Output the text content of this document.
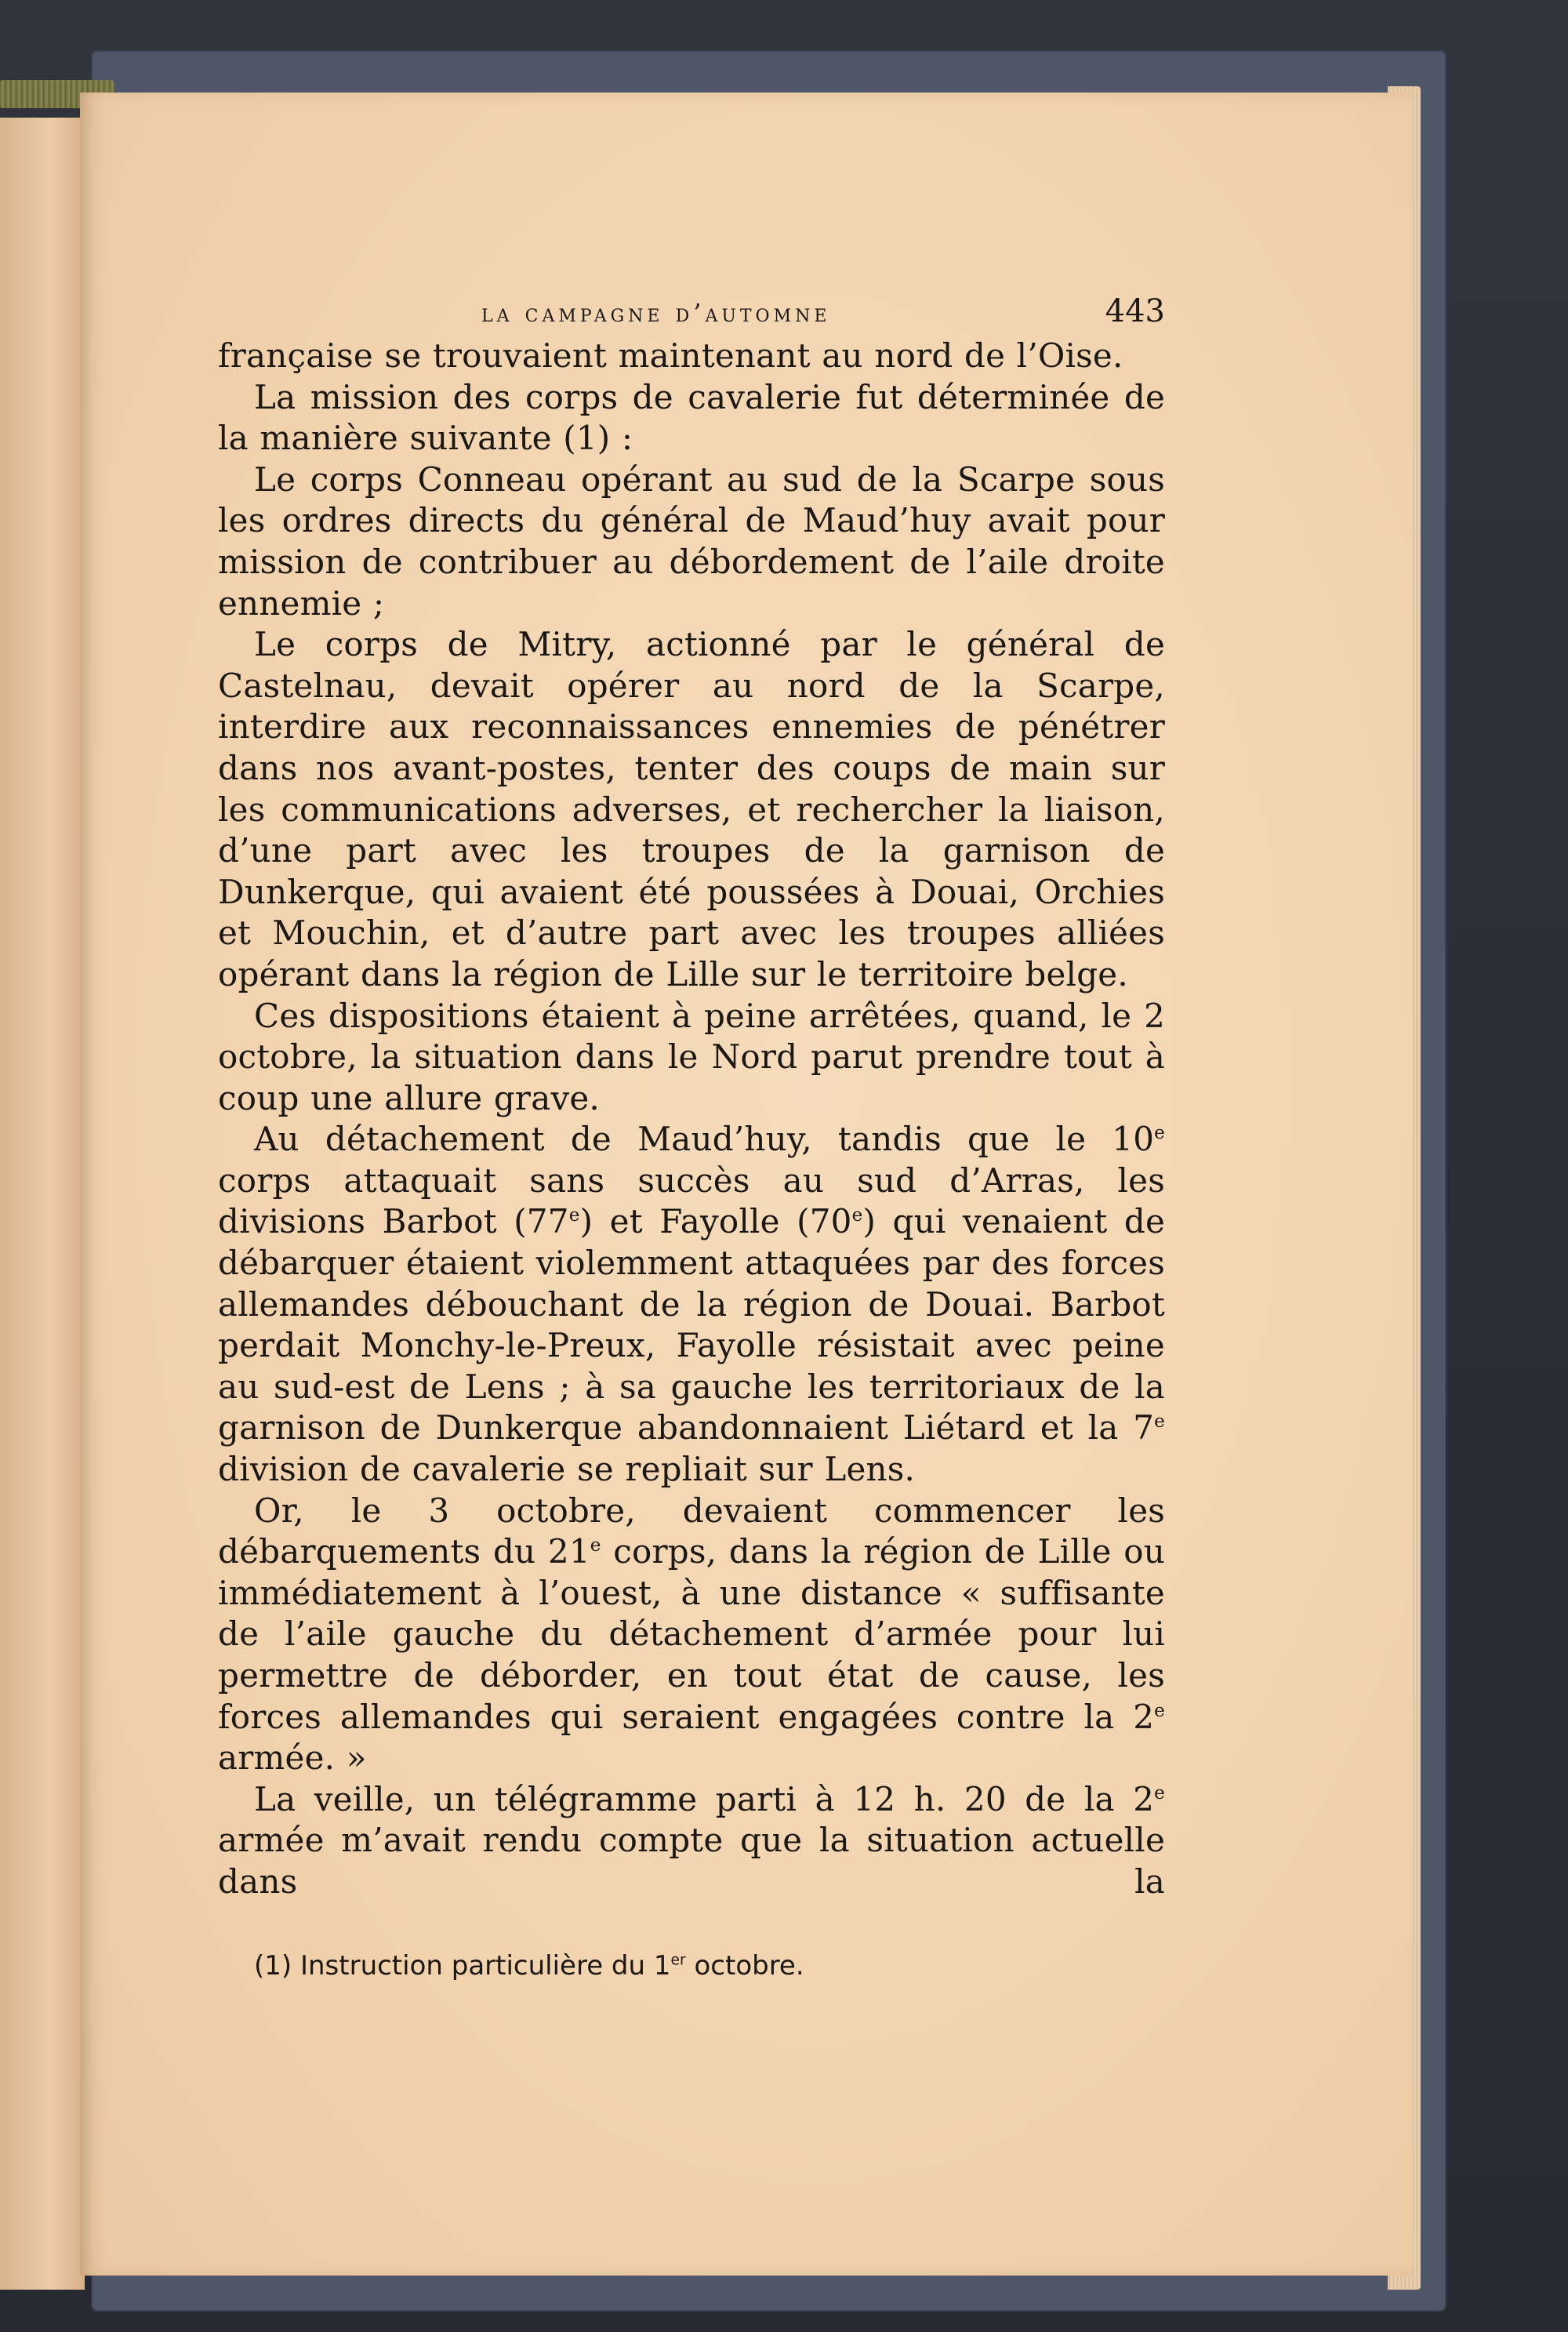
la campagne d’automne	443

française se trouvaient maintenant au nord de l’Oise.

La mission des corps de cavalerie fut déterminée de la manière suivante (1) :

Le corps Conneau opérant au sud de la Scarpe sous les ordres directs du général de Maud’huy avait pour mission de contribuer au débordement de l’aile droite ennemie ;

Le corps de Mitry, actionné par le général de Castelnau, devait opérer au nord de la Scarpe, interdire aux reconnaissances ennemies de pénétrer dans nos avant-postes, tenter des coups de main sur les communications adverses, et rechercher la liaison, d’une part avec les troupes de la garnison de Dunkerque, qui avaient été poussées à Douai, Orchies et Mouchin, et d’autre part avec les troupes alliées opérant dans la région de Lille sur le territoire belge.

Ces dispositions étaient à peine arrêtées, quand, le 2 octobre, la situation dans le Nord parut prendre tout à coup une allure grave.

Au détachement de Maud’huy, tandis que le 10e corps attaquait sans succès au sud d’Arras, les divisions Barbot (77e) et Fayolle (70e) qui venaient de débarquer étaient violemment attaquées par des forces allemandes débouchant de la région de Douai. Barbot perdait Monchy-le-Preux, Fayolle résistait avec peine au sud-est de Lens ; à sa gauche les territoriaux de la garnison de Dunkerque abandonnaient Liétard et la 7e division de cavalerie se repliait sur Lens.

Or, le 3 octobre, devaient commencer les débarquements du 21e corps, dans la région de Lille ou immédiatement à l’ouest, à une distance « suffisante de l’aile gauche du détachement d’armée pour lui permettre de déborder, en tout état de cause, les forces allemandes qui seraient engagées contre la 2e armée. »

La veille, un télégramme parti à 12 h. 20 de la 2e armée m’avait rendu compte que la situation actuelle dans la

(1) Instruction particulière du 1er octobre.
